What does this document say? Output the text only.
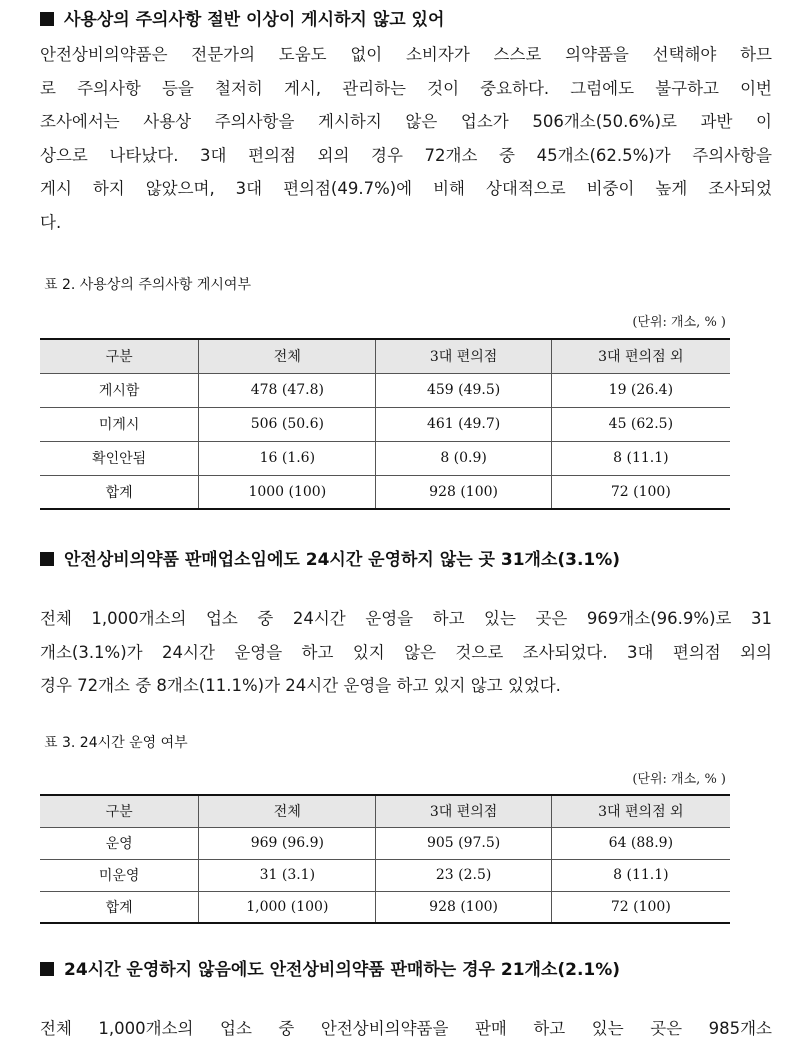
사용상의 주의사항 절반 이상이 게시하지 않고 있어
안전상비의약품은 전문가의 도움도 없이 소비자가 스스로 의약품을 선택해야 하므
로 주의사항 등을 철저히 게시, 관리하는 것이 중요하다. 그럼에도 불구하고 이번
조사에서는 사용상 주의사항을 게시하지 않은 업소가 506개소(50.6%)로 과반 이
상으로 나타났다. 3대 편의점 외의 경우 72개소 중 45개소(62.5%)가 주의사항을
게시 하지 않았으며, 3대 편의점(49.7%)에 비해 상대적으로 비중이 높게 조사되었
다.
표 2. 사용상의 주의사항 게시여부
(단위: 개소, % )
구분	전체	3대 편의점	3대 편의점 외
게시함	478 (47.8)	459 (49.5)	19 (26.4)
미게시	506 (50.6)	461 (49.7)	45 (62.5)
확인안됨	16 (1.6)	8 (0.9)	8 (11.1)
합계	1000 (100)	928 (100)	72 (100)
안전상비의약품 판매업소임에도 24시간 운영하지 않는 곳 31개소(3.1%)
전체 1,000개소의 업소 중 24시간 운영을 하고 있는 곳은 969개소(96.9%)로 31
개소(3.1%)가 24시간 운영을 하고 있지 않은 것으로 조사되었다. 3대 편의점 외의
경우 72개소 중 8개소(11.1%)가 24시간 운영을 하고 있지 않고 있었다.
표 3. 24시간 운영 여부
(단위: 개소, % )
구분	전체	3대 편의점	3대 편의점 외
운영	969 (96.9)	905 (97.5)	64 (88.9)
미운영	31 (3.1)	23 (2.5)	8 (11.1)
합계	1,000 (100)	928 (100)	72 (100)
24시간 운영하지 않음에도 안전상비의약품 판매하는 경우 21개소(2.1%)
전체 1,000개소의 업소 중 안전상비의약품을 판매 하고 있는 곳은 985개소
